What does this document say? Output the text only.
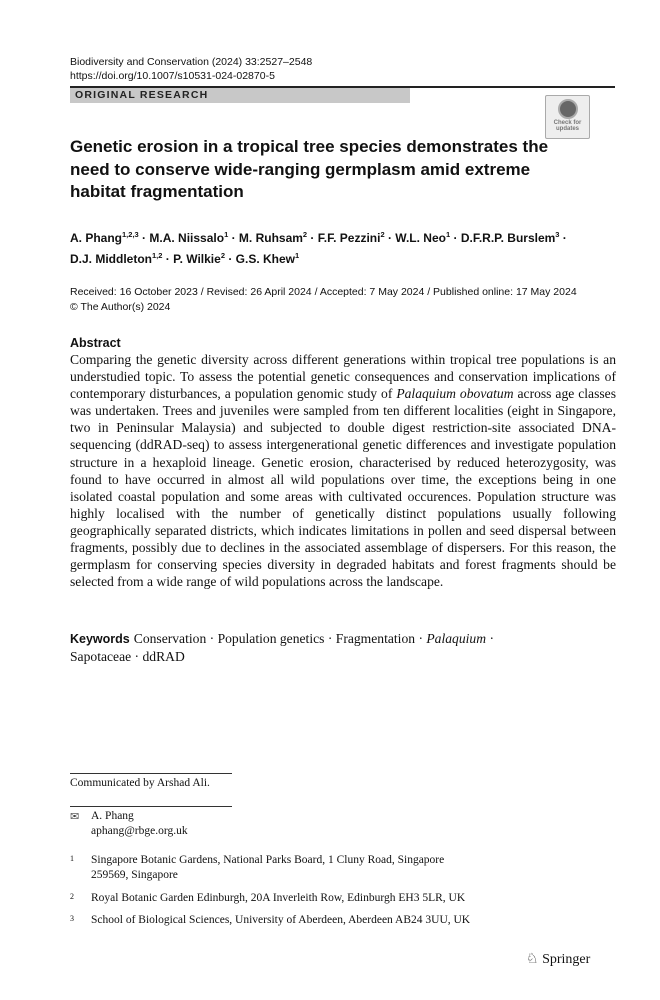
Biodiversity and Conservation (2024) 33:2527–2548
https://doi.org/10.1007/s10531-024-02870-5
ORIGINAL RESEARCH
Check for
updates
Genetic erosion in a tropical tree species demonstrates the need to conserve wide-ranging germplasm amid extreme habitat fragmentation
A. Phang$^{1,2,3}$ · M.A. Niissalo$^1$ · M. Ruhsam$^2$ · F.F. Pezzini$^2$ · W.L. Neo$^1$ · D.F.R.P. Burslem$^3$ ·
D.J. Middleton$^{1,2}$ · P. Wilkie$^2$ · G.S. Khew$^1$
Received: 16 October 2023 / Revised: 26 April 2024 / Accepted: 7 May 2024 / Published online: 17 May 2024
© The Author(s) 2024
Abstract
Comparing the genetic diversity across different generations within tropical tree populations is an understudied topic. To assess the potential genetic consequences and conservation implications of contemporary disturbances, a population genomic study of Palaquium obovatum across age classes was undertaken. Trees and juveniles were sampled from ten different localities (eight in Singapore, two in Peninsular Malaysia) and subjected to double digest restriction-site associated DNA-sequencing (ddRAD-seq) to assess intergenerational genetic differences and investigate population structure in a hexaploid lineage. Genetic erosion, characterised by reduced heterozygosity, was found to have occurred in almost all wild populations over time, the exceptions being in one isolated coastal population and some areas with cultivated occurences. Population structure was highly localised with the number of genetically distinct populations usually following geographically separated districts, which indicates limitations in pollen and seed dispersal between fragments, possibly due to declines in the associated assemblage of dispersers. For this reason, the germplasm for conserving species diversity in degraded habitats and forest fragments should be selected from a wide range of wild populations across the landscape.
Keywords Conservation · Population genetics · Fragmentation · Palaquium ·
Sapotaceae · ddRAD
Communicated by Arshad Ali.
✉ A. Phang
aphang@rbge.org.uk
1 Singapore Botanic Gardens, National Parks Board, 1 Cluny Road, Singapore 259569, Singapore
2 Royal Botanic Garden Edinburgh, 20A Inverleith Row, Edinburgh EH3 5LR, UK
3 School of Biological Sciences, University of Aberdeen, Aberdeen AB24 3UU, UK
♘ Springer
